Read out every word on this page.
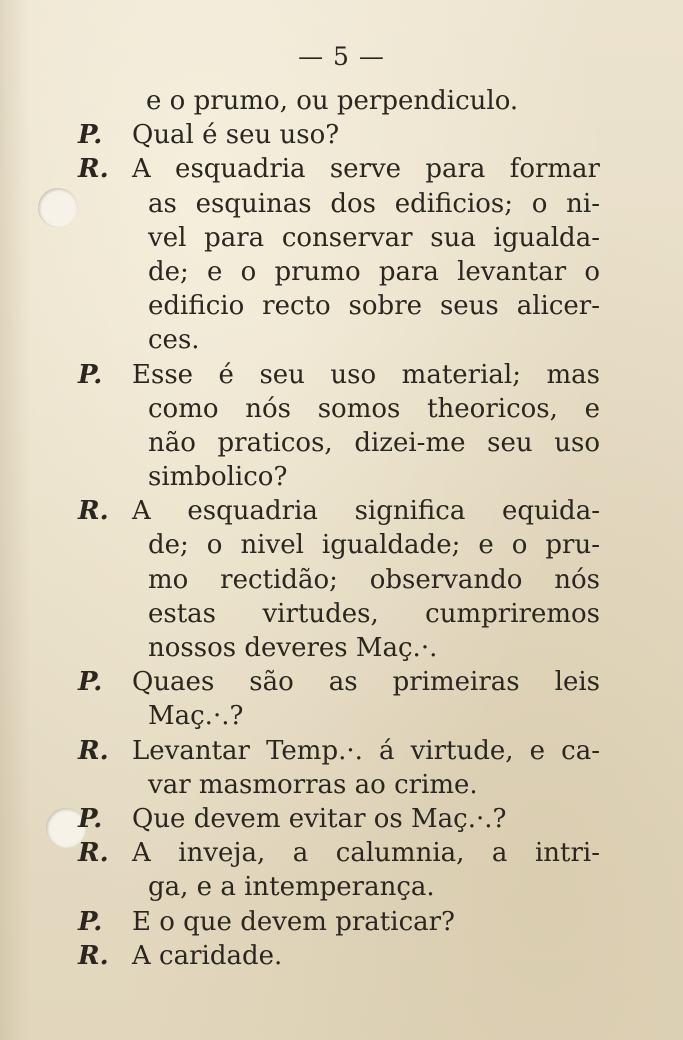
— 5 —
e o prumo, ou perpendiculo.
P.	Qual é seu uso?
R. A esquadria serve para formar
as esquinas dos edificios; o ni-
vel para conservar sua igualda-
de; e o prumo para levantar o
edificio recto sobre seus alicer-
ces.
P.	Esse é seu uso material; mas
como nós somos theoricos, e
não praticos, dizei-me seu uso
simbolico?
R. A esquadria significa equida-
de; o nivel igualdade; e o pru-
mo rectidão; observando nós
estas virtudes, cumpriremos
nossos deveres Maç.·.
P.	Quaes são as primeiras leis
Maç.·.?
R. Levantar Temp.·. á virtude, e ca-
var masmorras ao crime.
P.	Que devem evitar os Maç.·.?
R. A inveja, a calumnia, a intri-
ga, e a intemperança.
P.	E o que devem praticar?
R. A caridade.
